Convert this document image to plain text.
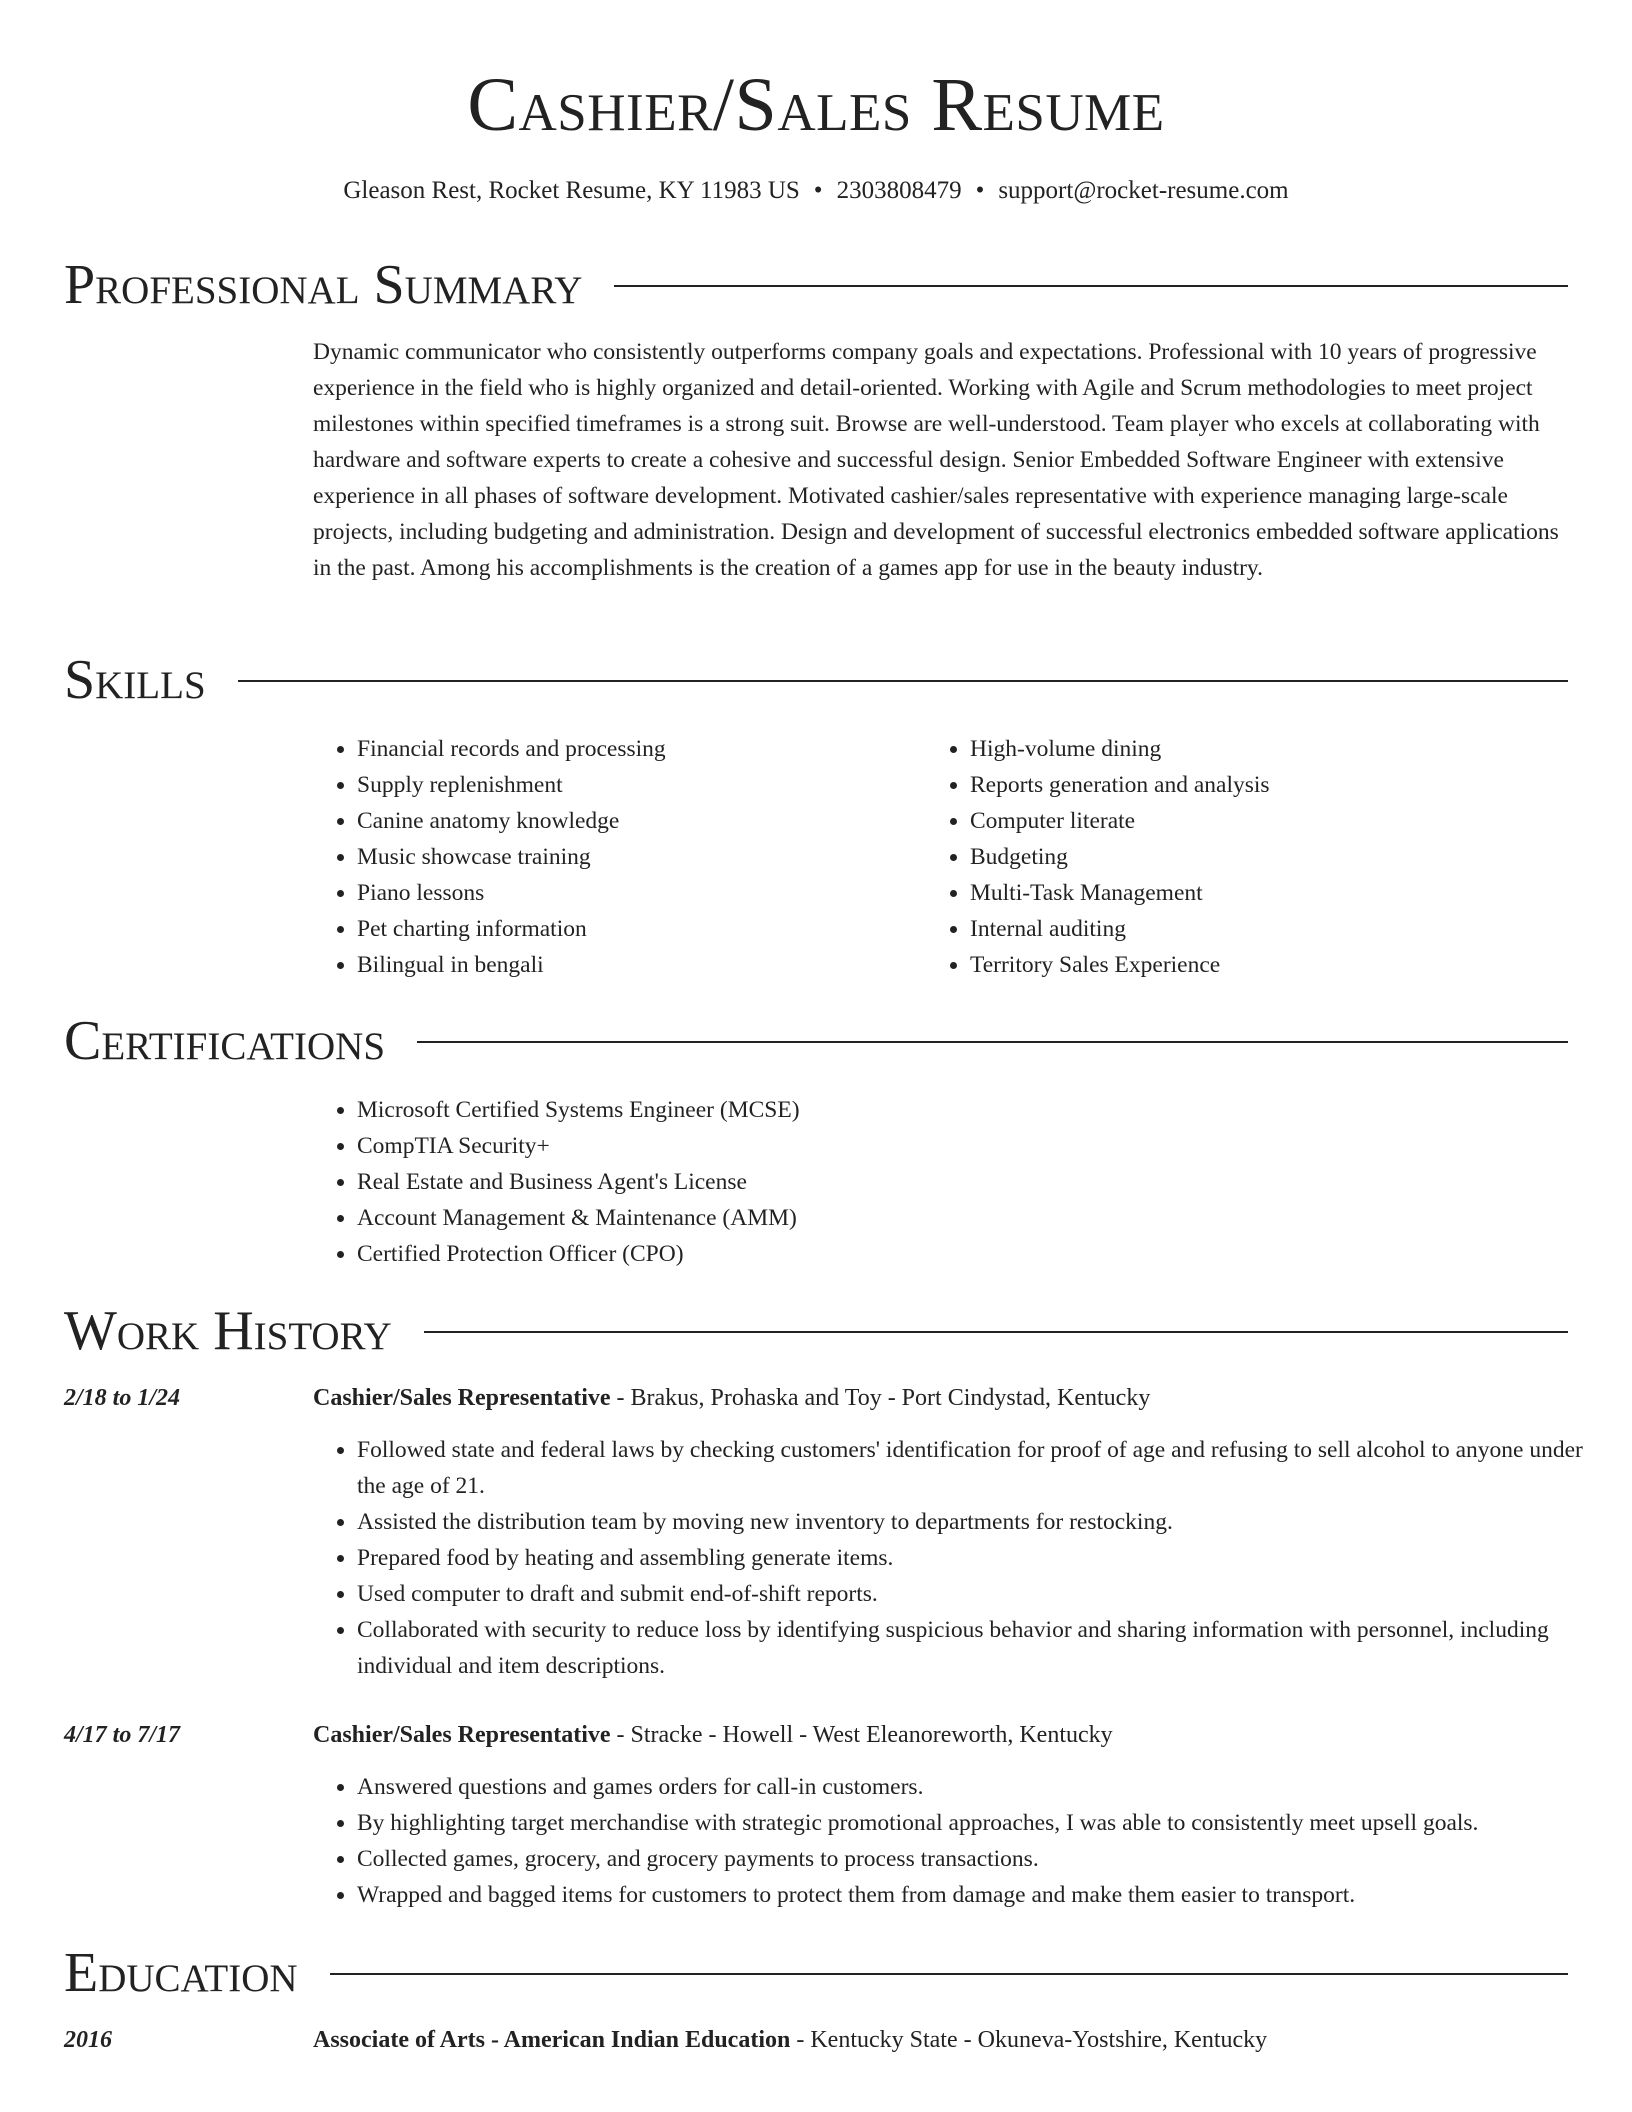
Cashier/Sales Resume
Gleason Rest, Rocket Resume, KY 11983 US • 2303808479 • support@rocket-resume.com
Professional Summary
Dynamic communicator who consistently outperforms company goals and expectations. Professional with 10 years of progressive experience in the field who is highly organized and detail-oriented. Working with Agile and Scrum methodologies to meet project milestones within specified timeframes is a strong suit. Browse are well-understood. Team player who excels at collaborating with hardware and software experts to create a cohesive and successful design. Senior Embedded Software Engineer with extensive experience in all phases of software development. Motivated cashier/sales representative with experience managing large-scale projects, including budgeting and administration. Design and development of successful electronics embedded software applications in the past. Among his accomplishments is the creation of a games app for use in the beauty industry.
Skills
• Financial records and processing
• Supply replenishment
• Canine anatomy knowledge
• Music showcase training
• Piano lessons
• Pet charting information
• Bilingual in bengali
• High-volume dining
• Reports generation and analysis
• Computer literate
• Budgeting
• Multi-Task Management
• Internal auditing
• Territory Sales Experience
Certifications
• Microsoft Certified Systems Engineer (MCSE)
• CompTIA Security+
• Real Estate and Business Agent's License
• Account Management & Maintenance (AMM)
• Certified Protection Officer (CPO)
Work History
2/18 to 1/24	Cashier/Sales Representative - Brakus, Prohaska and Toy - Port Cindystad, Kentucky
• Followed state and federal laws by checking customers' identification for proof of age and refusing to sell alcohol to anyone under the age of 21.
• Assisted the distribution team by moving new inventory to departments for restocking.
• Prepared food by heating and assembling generate items.
• Used computer to draft and submit end-of-shift reports.
• Collaborated with security to reduce loss by identifying suspicious behavior and sharing information with personnel, including individual and item descriptions.
4/17 to 7/17	Cashier/Sales Representative - Stracke - Howell - West Eleanoreworth, Kentucky
• Answered questions and games orders for call-in customers.
• By highlighting target merchandise with strategic promotional approaches, I was able to consistently meet upsell goals.
• Collected games, grocery, and grocery payments to process transactions.
• Wrapped and bagged items for customers to protect them from damage and make them easier to transport.
Education
2016	Associate of Arts - American Indian Education - Kentucky State - Okuneva-Yostshire, Kentucky
